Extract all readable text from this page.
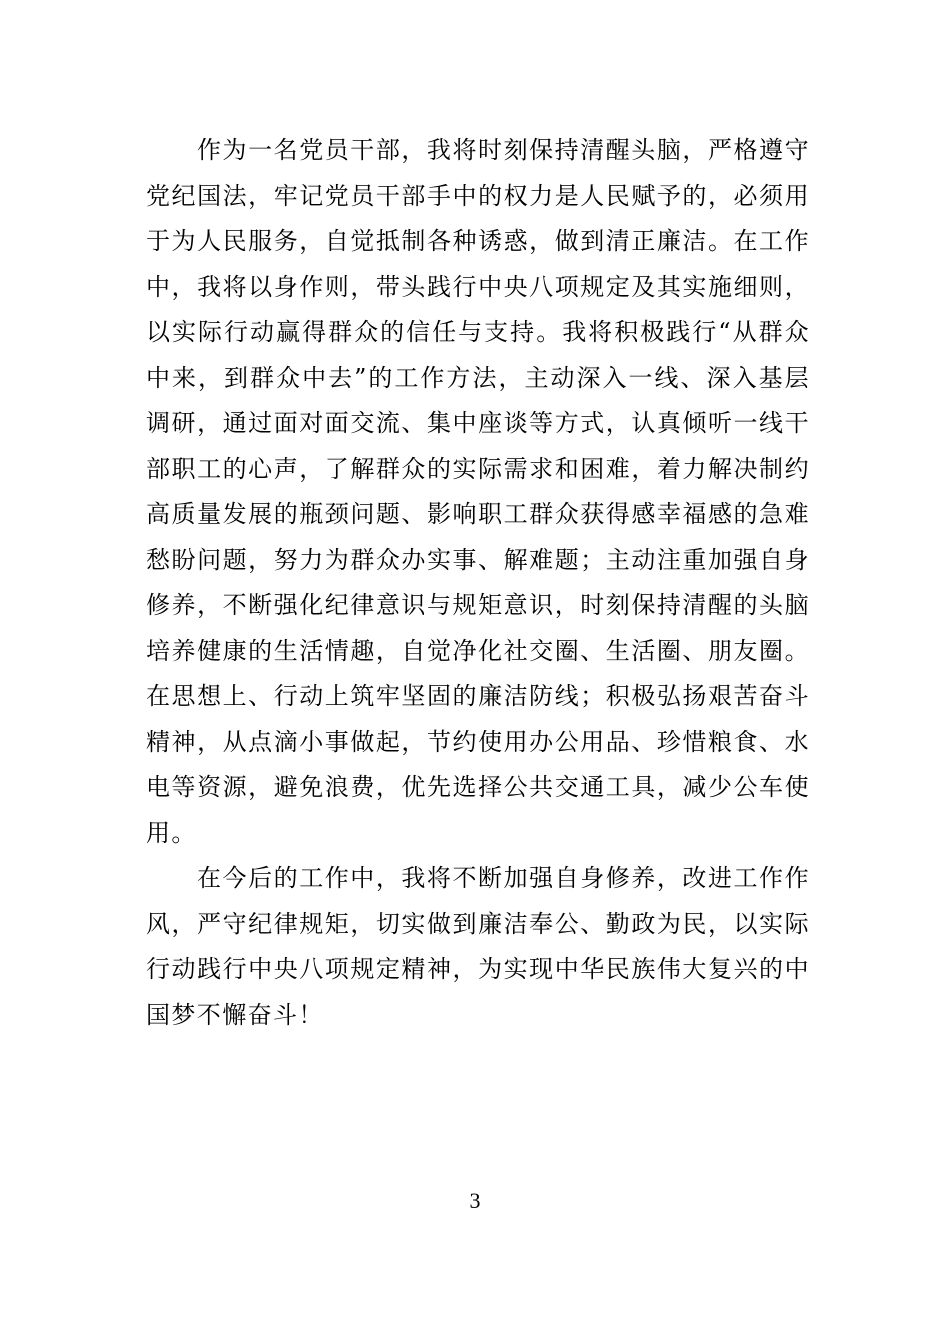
作为一名党员干部，我将时刻保持清醒头脑，严格遵守党纪国法，牢记党员干部手中的权力是人民赋予的，必须用于为人民服务，自觉抵制各种诱惑，做到清正廉洁。在工作中，我将以身作则，带头践行中央八项规定及其实施细则，以实际行动赢得群众的信任与支持。我将积极践行“从群众中来，到群众中去”的工作方法，主动深入一线、深入基层调研，通过面对面交流、集中座谈等方式，认真倾听一线干部职工的心声，了解群众的实际需求和困难，着力解决制约高质量发展的瓶颈问题、影响职工群众获得感幸福感的急难愁盼问题，努力为群众办实事、解难题；主动注重加强自身修养，不断强化纪律意识与规矩意识，时刻保持清醒的头脑培养健康的生活情趣，自觉净化社交圈、生活圈、朋友圈。在思想上、行动上筑牢坚固的廉洁防线；积极弘扬艰苦奋斗精神，从点滴小事做起，节约使用办公用品、珍惜粮食、水电等资源，避免浪费，优先选择公共交通工具，减少公车使用。

在今后的工作中，我将不断加强自身修养，改进工作作风，严守纪律规矩，切实做到廉洁奉公、勤政为民，以实际行动践行中央八项规定精神，为实现中华民族伟大复兴的中国梦不懈奋斗！

3
